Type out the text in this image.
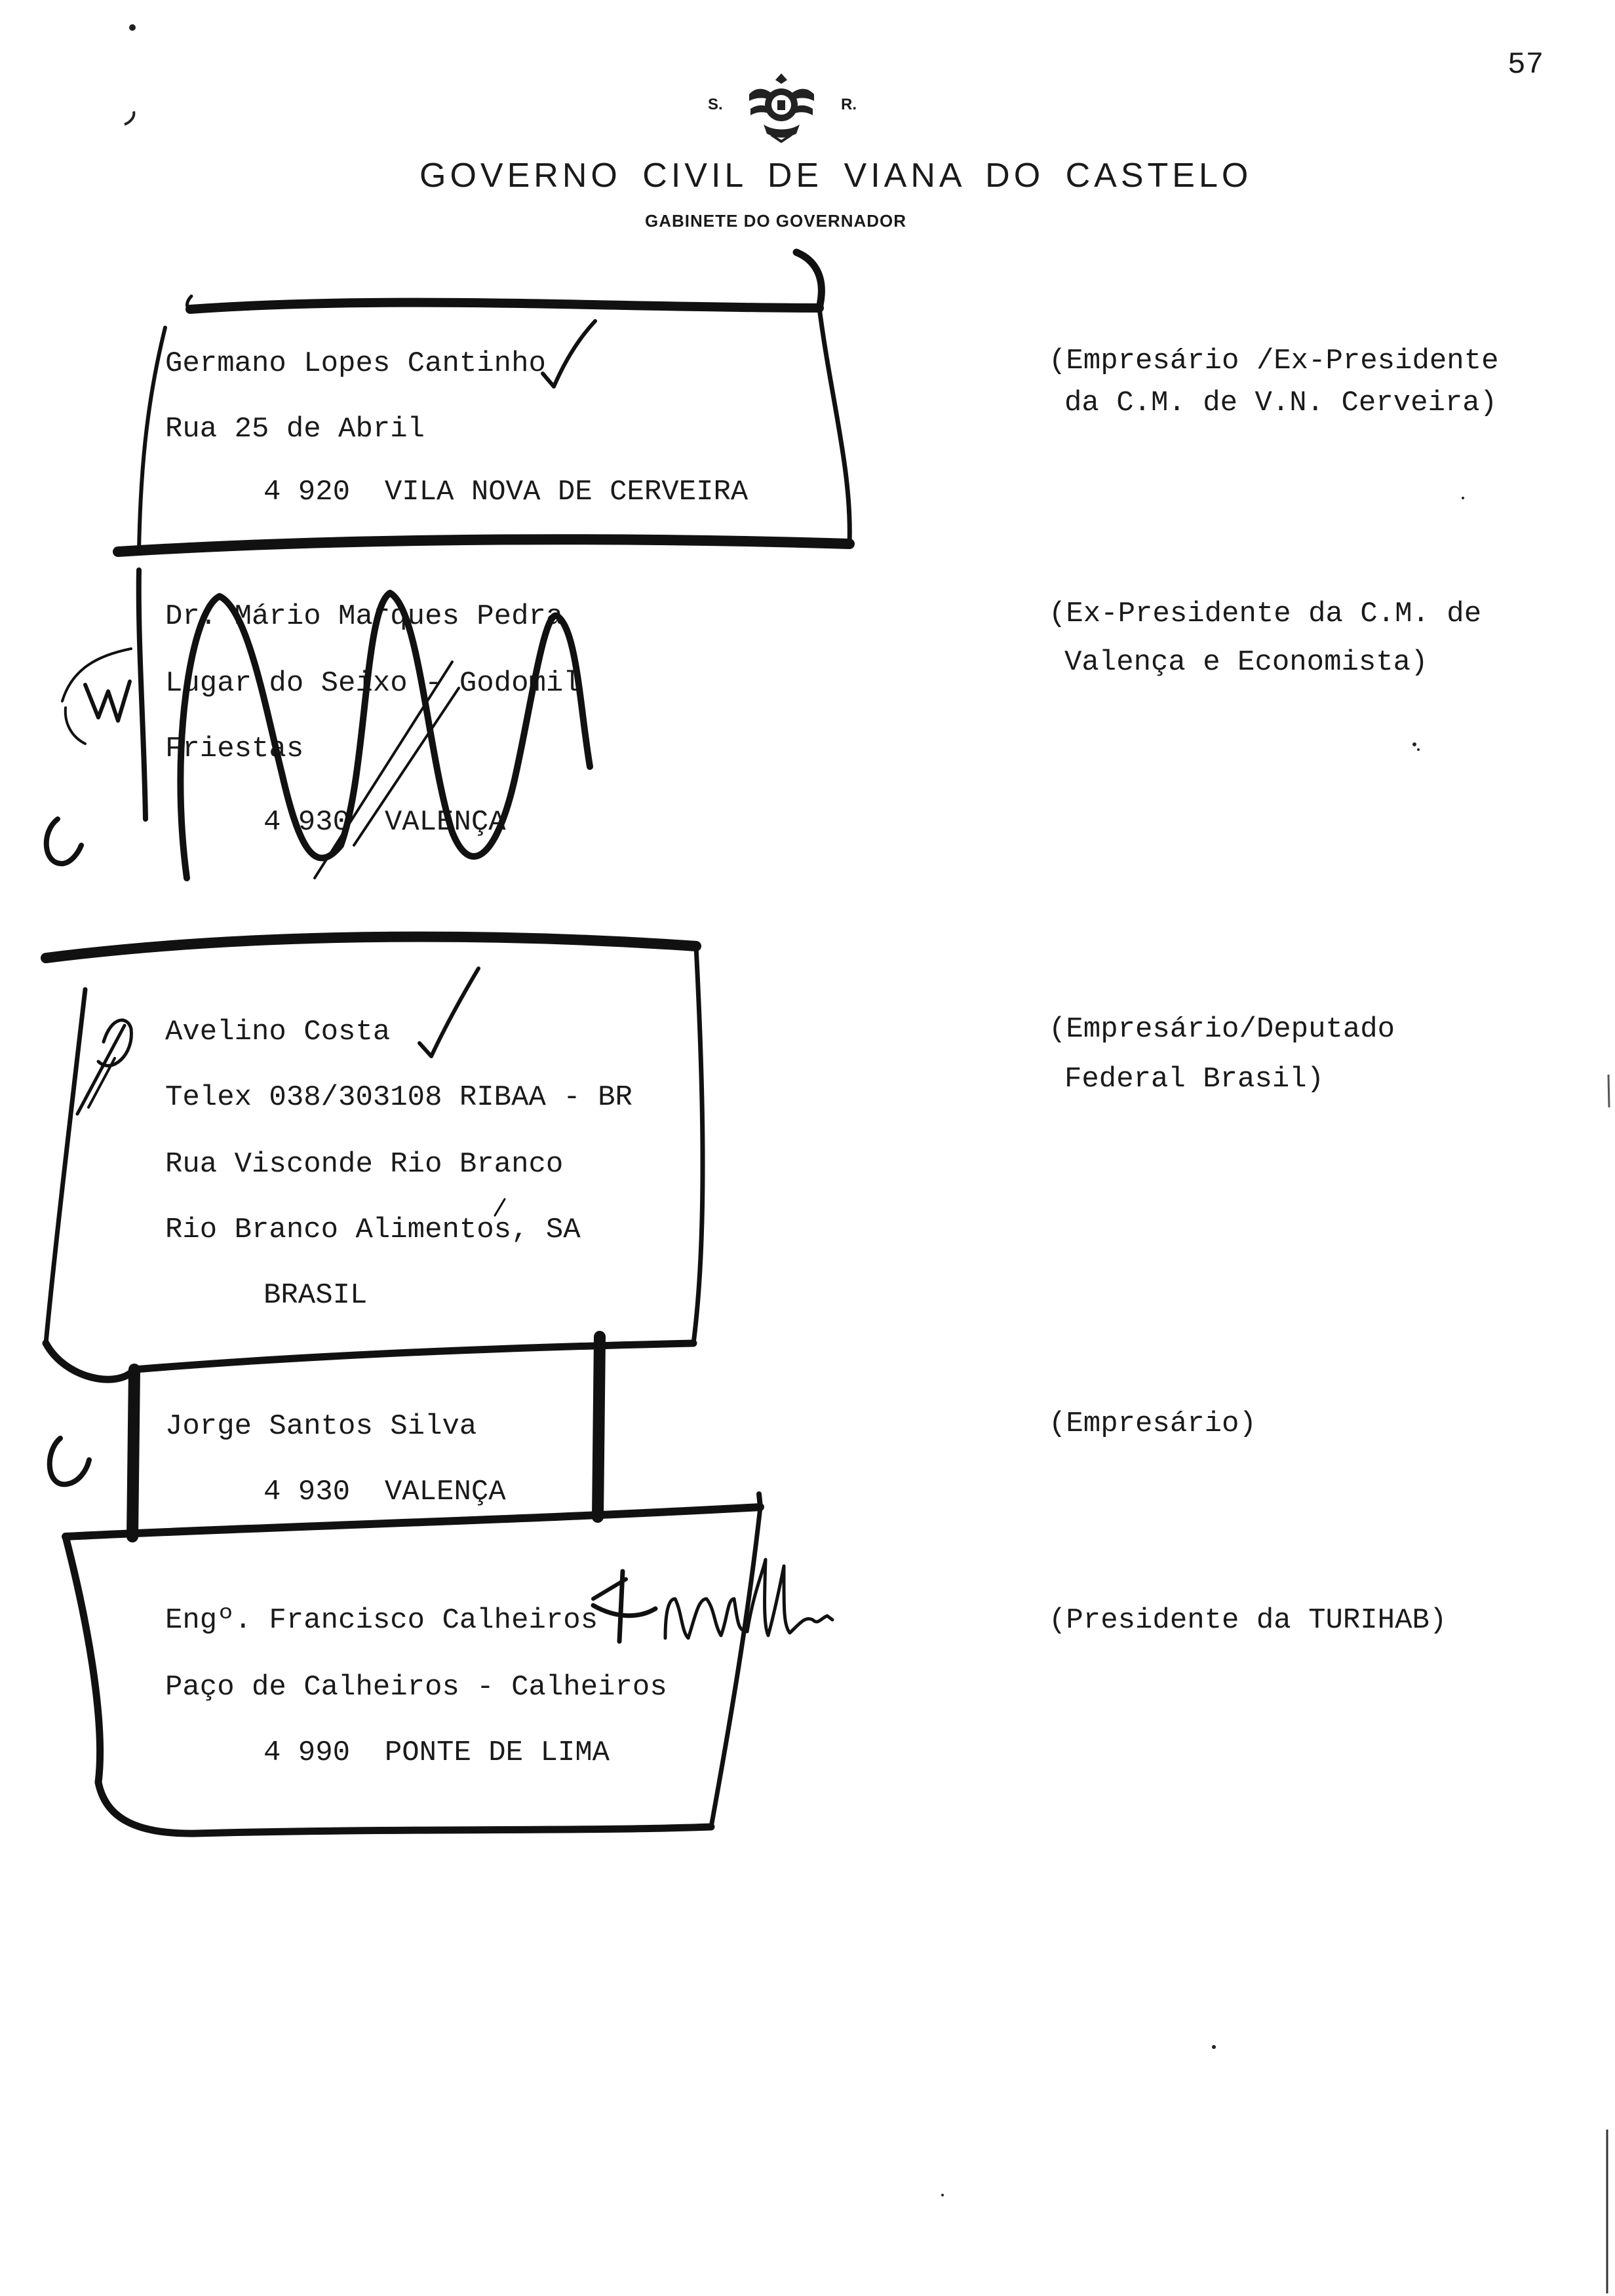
57
S.	R.
GOVERNO CIVIL DE VIANA DO CASTELO
GABINETE DO GOVERNADOR
Germano Lopes Cantinho
Rua 25 de Abril
4 920  VILA NOVA DE CERVEIRA
(Empresário /Ex-Presidente
da C.M. de V.N. Cerveira)
Dr. Mário Marques Pedra
Lugar do Seixo - Godomil
Friestas
4 930  VALENÇA
(Ex-Presidente da C.M. de
Valença e Economista)
Avelino Costa
Telex 038/303108 RIBAA - BR
Rua Visconde Rio Branco
Rio Branco Alimentos, SA
BRASIL
(Empresário/Deputado
Federal Brasil)
Jorge Santos Silva
4 930  VALENÇA
(Empresário)
Engº. Francisco Calheiros
Paço de Calheiros - Calheiros
4 990  PONTE DE LIMA
(Presidente da TURIHAB)
